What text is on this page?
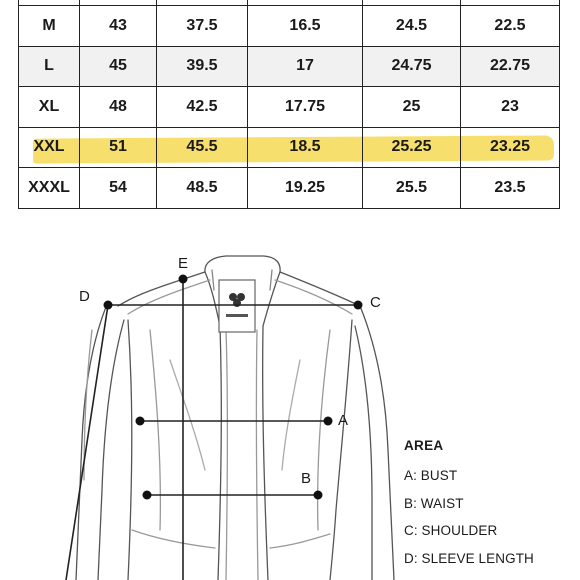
M	43	37.5	16.5	24.5	22.5
L	45	39.5	17	24.75	22.75
XL	48	42.5	17.75	25	23
XXL	51	45.5	18.5	25.25	23.25
XXXL	54	48.5	19.25	25.5	23.5
A
B
C
D
E
AREA
A: BUST
B: WAIST
C: SHOULDER
D: SLEEVE LENGTH
